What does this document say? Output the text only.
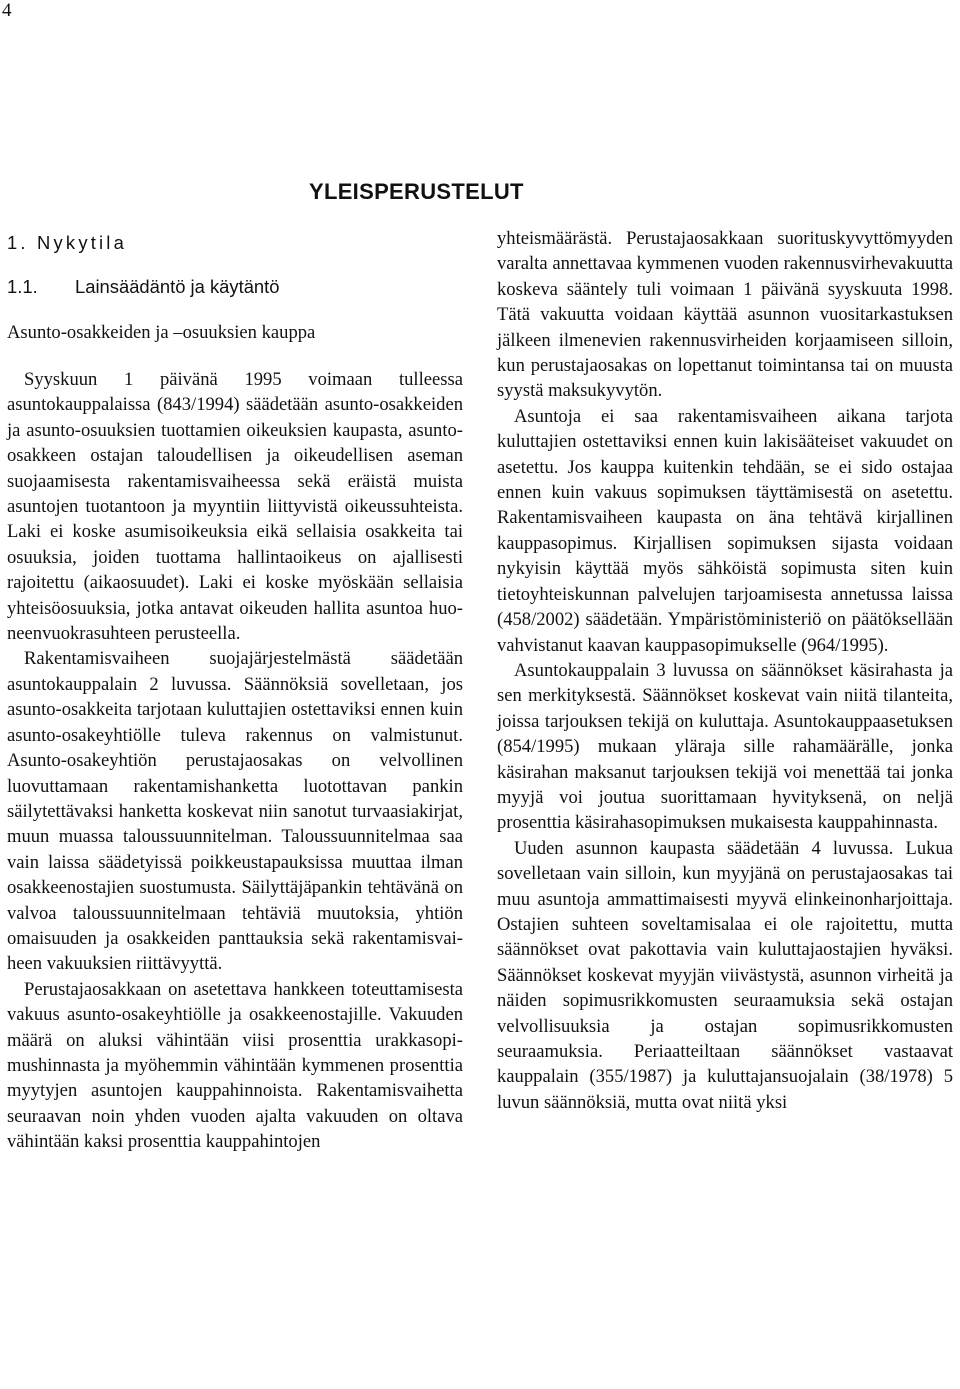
4
YLEISPERUSTELUT
1. Nykytila
1.1. Lainsäädäntö ja käytäntö
Asunto-osakkeiden ja –osuuksien kauppa

Syyskuun 1 päivänä 1995 voimaan tulleessa asuntokauppalaissa (843/1994) säädetään asunto-osakkeiden ja asunto-osuuksien tuottamien oikeuksien kaupasta, asunto-osakkeen ostajan taloudellisen ja oikeudellisen aseman suojaamisesta rakentamisvaiheessa sekä eräistä muista asuntojen tuotantoon ja myyntiin liittyvistä oikeussuhteista. Laki ei koske asumisoikeuksia eikä sellaisia osakkeita tai osuuksia, joiden tuottama hallintaoikeus on ajallisesti rajoitettu (aikaosuudet). Laki ei koske myöskään sellaisia yhteisöosuuksia, jotka antavat oikeuden hallita asuntoa huoneenvuokrasuhteen perusteella.

Rakentamisvaiheen suojajärjestelmästä säädetään asuntokauppalain 2 luvussa. Säännöksiä sovelletaan, jos asunto-osakkeita tarjotaan kuluttajien ostettaviksi ennen kuin asunto-osakeyhtiölle tuleva rakennus on valmistunut. Asunto-osakeyhtiön perustajaosakas on velvollinen luovuttamaan rakentamishanketta luotottavan pankin säilytettävaksi hanketta koskevat niin sanotut turvaasiakirjat, muun muassa taloussuunnitelman. Taloussuunnitelmaa saa vain laissa säädetyissä poikkeustapauksissa muuttaa ilman osakkeenostajien suostumusta. Säilyttäjäpankin tehtävänä on valvoa taloussuunnitelmaan tehtäviä muutoksia, yhtiön omaisuuden ja osakkeiden panttauksia sekä rakentamisvaiheen vakuuksien riittävyyttä.

Perustajaosakkaan on asetettava hankkeen toteuttamisesta vakuus asunto-osakeyhtiölle ja osakkeenostajille. Vakuuden määrä on aluksi vähintään viisi prosenttia urakkasopimushinnasta ja myöhemmin vähintään kymmenen prosenttia myytyjen asuntojen kauppahinnoista. Rakentamisvaihetta seuraavan noin yhden vuoden ajalta vakuuden on oltava vähintään kaksi prosenttia kauppahintojen

yhteismäärästä. Perustajaosakkaan suorituskyvyttömyyden varalta annettavaa kymmenen vuoden rakennusvirhevakuutta koskeva sääntely tuli voimaan 1 päivänä syyskuuta 1998. Tätä vakuutta voidaan käyttää asunnon vuositarkastuksen jälkeen ilmenevien rakennusvirheiden korjaamiseen silloin, kun perustajaosakas on lopettanut toimintansa tai on muusta syystä maksukyvytön.

Asuntoja ei saa rakentamisvaiheen aikana tarjota kuluttajien ostettaviksi ennen kuin lakisääteiset vakuudet on asetettu. Jos kauppa kuitenkin tehdään, se ei sido ostajaa ennen kuin vakuus sopimuksen täyttämisestä on asetettu. Rakentamisvaiheen kaupasta on äna tehtävä kirjallinen kauppasopimus. Kirjallisen sopimuksen sijasta voidaan nykyisin käyttää myös sähköistä sopimusta siten kuin tietoyhteiskunnan palvelujen tarjoamisesta annetussa laissa (458/2002) säädetään. Ympäristöministeriö on päätöksellään vahvistanut kaavan kauppasopimukselle (964/1995).

Asuntokauppalain 3 luvussa on säännökset käsirahasta ja sen merkityksestä. Säännökset koskevat vain niitä tilanteita, joissa tarjouksen tekijä on kuluttaja. Asuntokauppaasetuksen (854/1995) mukaan yläraja sille rahamäärälle, jonka käsirahan maksanut tarjouksen tekijä voi menettää tai jonka myyjä voi joutua suorittamaan hyvityksenä, on neljä prosenttia käsirahasopimuksen mukaisesta kauppahinnasta.

Uuden asunnon kaupasta säädetään 4 luvussa. Lukua sovelletaan vain silloin, kun myyjänä on perustajaosakas tai muu asuntoja ammattimaisesti myyvä elinkeinonharjoittaja. Ostajien suhteen soveltamisalaa ei ole rajoitettu, mutta säännökset ovat pakottavia vain kuluttajaostajien hyväksi. Säännökset koskevat myyjän viivästystä, asunnon virheitä ja näiden sopimusrikkomusten seuraamuksia sekä ostajan velvollisuuksia ja ostajan sopimusrikkomusten seuraamuksia. Periaatteiltaan säännökset vastaavat kauppalain (355/1987) ja kuluttajansuojalain (38/1978) 5 luvun säännöksiä, mutta ovat niitä yksi
